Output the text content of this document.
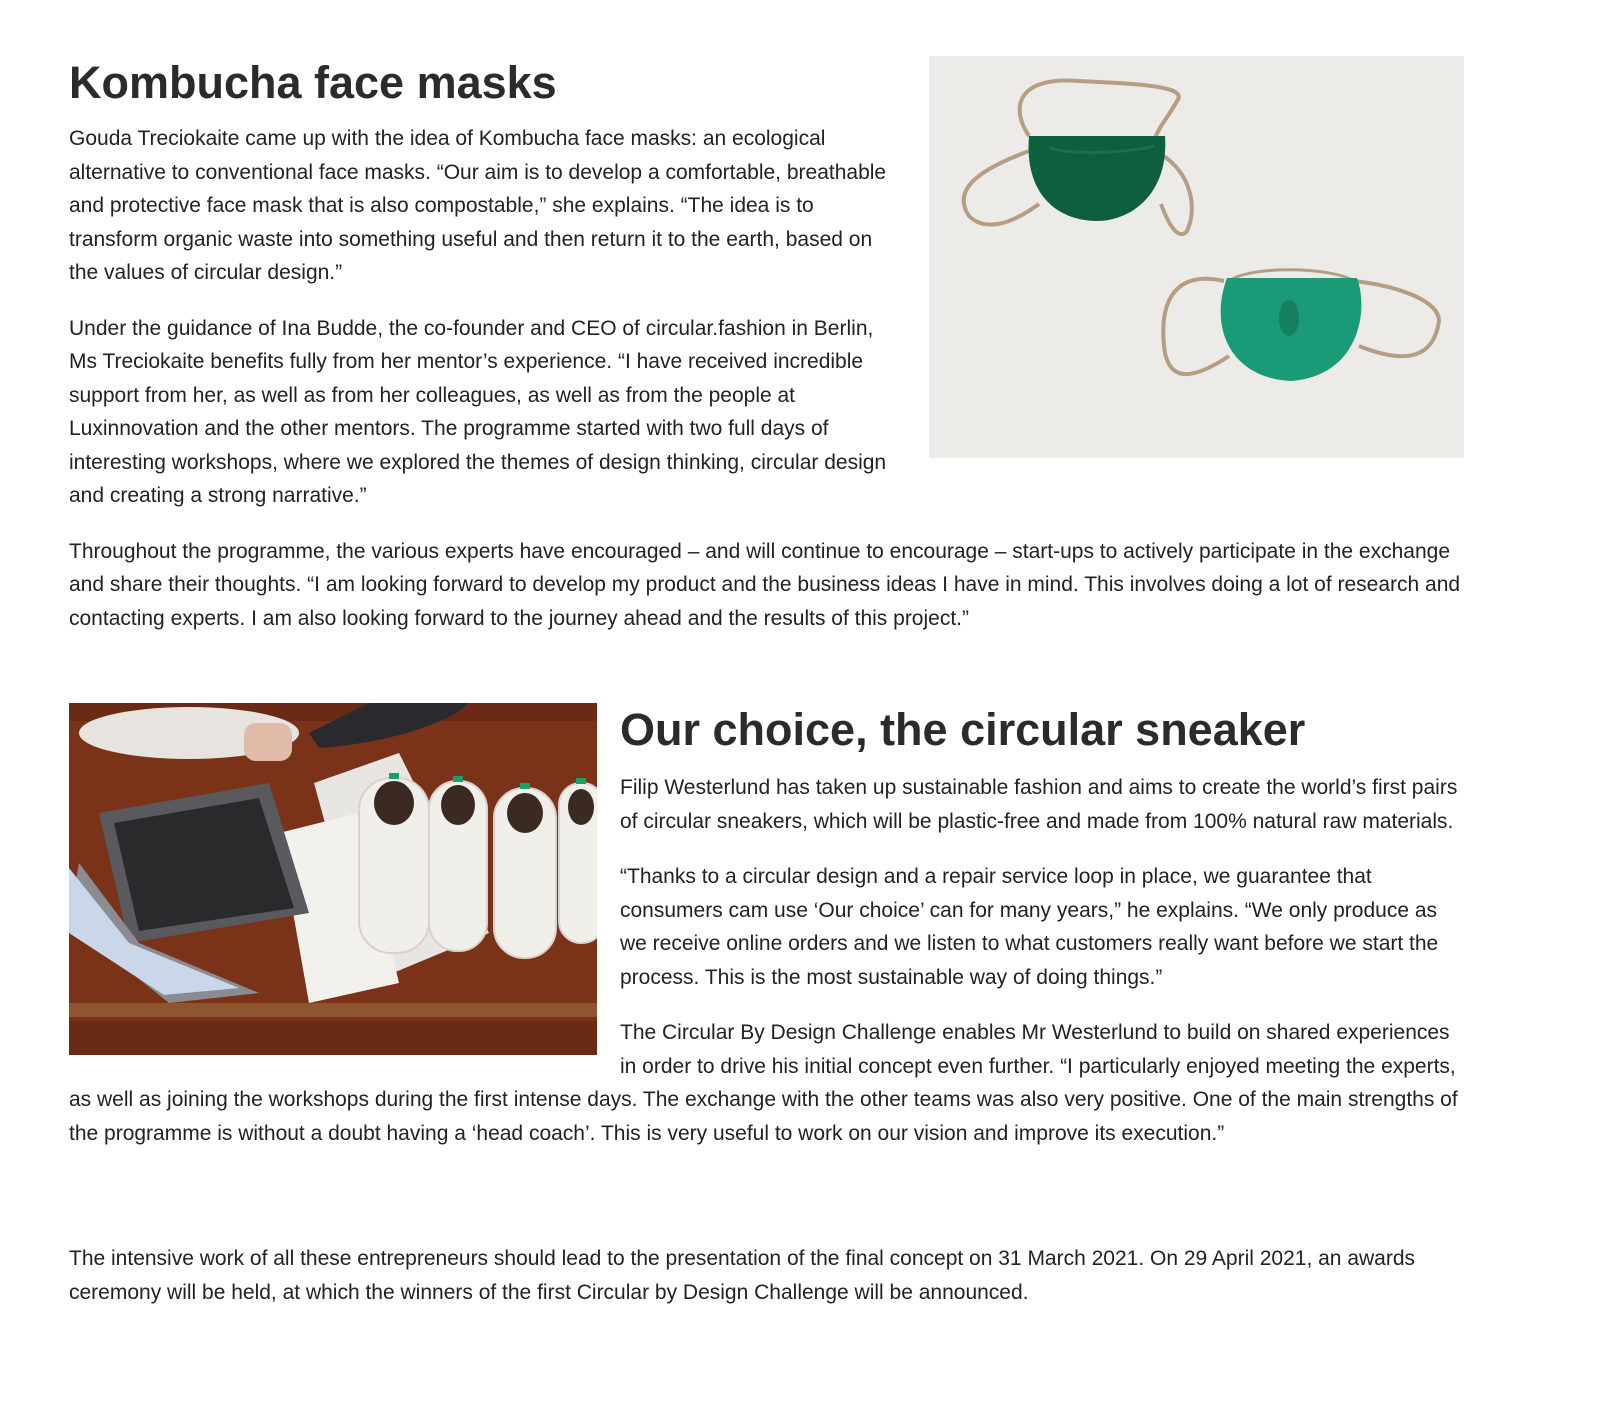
Kombucha face masks

Gouda Treciokaite came up with the idea of Kombucha face masks: an ecological alternative to conventional face masks. “Our aim is to develop a comfortable, breathable and protective face mask that is also compostable,” she explains. “The idea is to transform organic waste into something useful and then return it to the earth, based on the values of circular design.”

Under the guidance of Ina Budde, the co-founder and CEO of circular.fashion in Berlin, Ms Treciokaite benefits fully from her mentor’s experience. “I have received incredible support from her, as well as from her colleagues, as well as from the people at Luxinnovation and the other mentors. The programme started with two full days of interesting workshops, where we explored the themes of design thinking, circular design and creating a strong narrative.”

Throughout the programme, the various experts have encouraged – and will continue to encourage – start-ups to actively participate in the exchange and share their thoughts. “I am looking forward to develop my product and the business ideas I have in mind. This involves doing a lot of research and contacting experts. I am also looking forward to the journey ahead and the results of this project.”

Our choice, the circular sneaker

Filip Westerlund has taken up sustainable fashion and aims to create the world’s first pairs of circular sneakers, which will be plastic-free and made from 100% natural raw materials.

“Thanks to a circular design and a repair service loop in place, we guarantee that consumers cam use ‘Our choice’ can for many years,” he explains. “We only produce as we receive online orders and we listen to what customers really want before we start the process. This is the most sustainable way of doing things.”

The Circular By Design Challenge enables Mr Westerlund to build on shared experiences in order to drive his initial concept even further. “I particularly enjoyed meeting the experts, as well as joining the workshops during the first intense days. The exchange with the other teams was also very positive. One of the main strengths of the programme is without a doubt having a ‘head coach’. This is very useful to work on our vision and improve its execution.”

The intensive work of all these entrepreneurs should lead to the presentation of the final concept on 31 March 2021. On 29 April 2021, an awards ceremony will be held, at which the winners of the first Circular by Design Challenge will be announced.
